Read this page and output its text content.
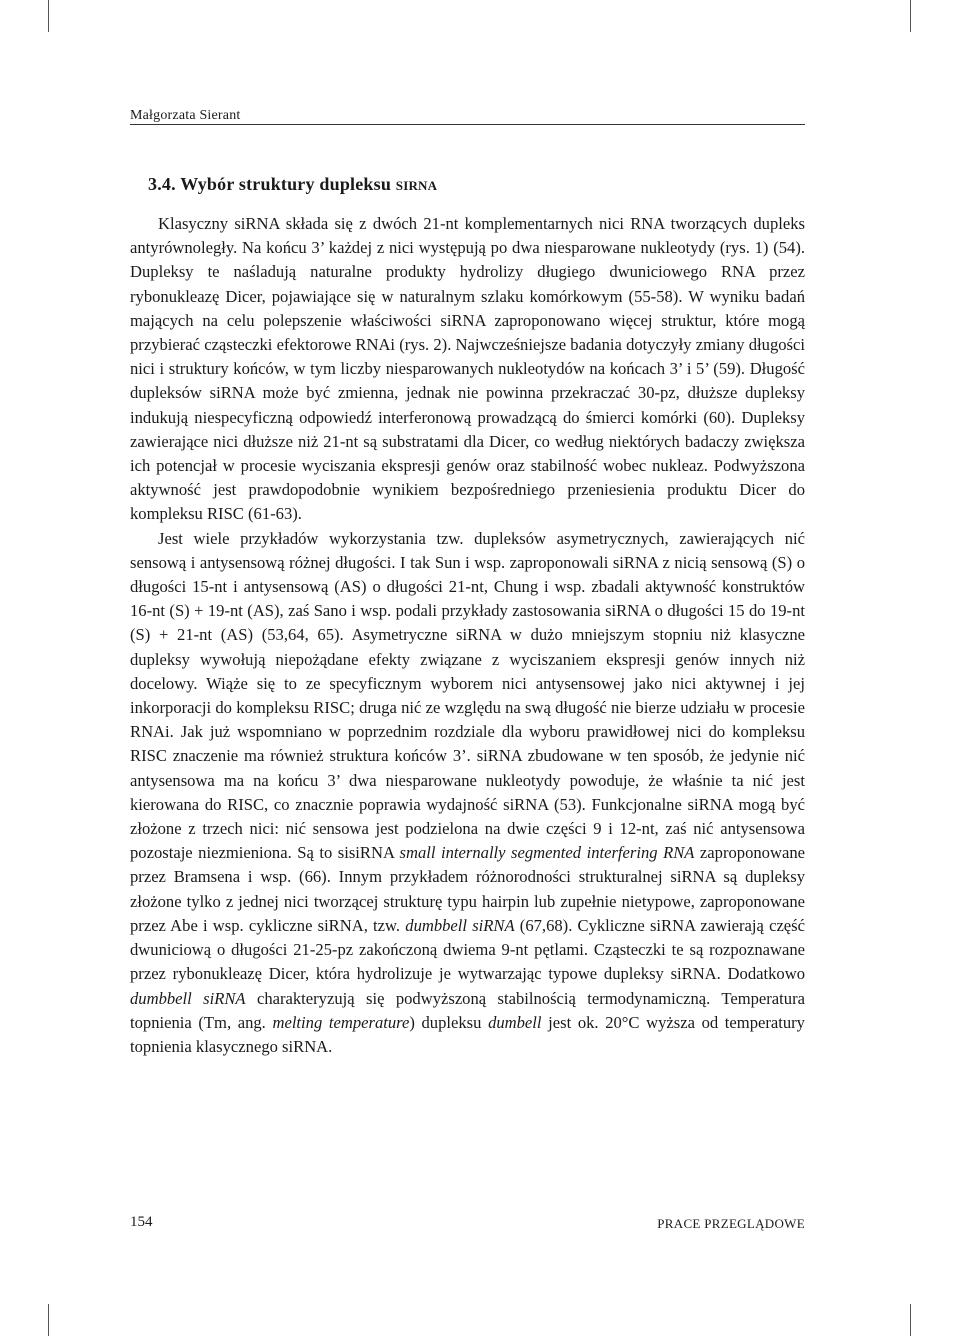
Małgorzata Sierant
3.4. Wybór struktury dupleksu sirna

Klasyczny siRNA składa się z dwóch 21-nt komplementarnych nici RNA tworzących dupleks antyrównoległy. Na końcu 3’ każdej z nici występują po dwa niesparowane nukleotydy (rys. 1) (54). Dupleksy te naśladują naturalne produkty hydrolizy długiego dwuniciowego RNA przez rybonukleazę Dicer, pojawiające się w naturalnym szlaku komórkowym (55-58). W wyniku badań mających na celu polepszenie właściwości siRNA zaproponowano więcej struktur, które mogą przybierać cząsteczki efektorowe RNAi (rys. 2). Najwcześniejsze badania dotyczyły zmiany długości nici i struktury końców, w tym liczby niesparowanych nukleotydów na końcach 3’ i 5’ (59). Długość dupleksów siRNA może być zmienna, jednak nie powinna przekraczać 30-pz, dłuższe dupleksy indukują niespecyficzną odpowiedź interferonową prowadzącą do śmierci komórki (60). Dupleksy zawierające nici dłuższe niż 21-nt są substratami dla Dicer, co według niektórych badaczy zwiększa ich potencjał w procesie wyciszania ekspresji genów oraz stabilność wobec nukleaz. Podwyższona aktywność jest prawdopodobnie wynikiem bezpośredniego przeniesienia produktu Dicer do kompleksu RISC (61-63).

Jest wiele przykładów wykorzystania tzw. dupleksów asymetrycznych, zawierających nić sensową i antysensową różnej długości. I tak Sun i wsp. zaproponowali siRNA z nicią sensową (S) o długości 15-nt i antysensową (AS) o długości 21-nt, Chung i wsp. zbadali aktywność konstruktów 16-nt (S) + 19-nt (AS), zaś Sano i wsp. podali przykłady zastosowania siRNA o długości 15 do 19-nt (S) + 21-nt (AS) (53,64, 65). Asymetryczne siRNA w dużo mniejszym stopniu niż klasyczne dupleksy wywołują niepożądane efekty związane z wyciszaniem ekspresji genów innych niż docelowy. Wiąże się to ze specyficznym wyborem nici antysensowej jako nici aktywnej i jej inkorporacji do kompleksu RISC; druga nić ze względu na swą długość nie bierze udziału w procesie RNAi. Jak już wspomniano w poprzednim rozdziale dla wyboru prawidłowej nici do kompleksu RISC znaczenie ma również struktura końców 3’. siRNA zbudowane w ten sposób, że jedynie nić antysensowa ma na końcu 3’ dwa niesparowane nukleotydy powoduje, że właśnie ta nić jest kierowana do RISC, co znacznie poprawia wydajność siRNA (53). Funkcjonalne siRNA mogą być złożone z trzech nici: nić sensowa jest podzielona na dwie części 9 i 12-nt, zaś nić antysensowa pozostaje niezmieniona. Są to sisiRNA small internally segmented interfering RNA zaproponowane przez Bramsena i wsp. (66). Innym przykładem różnorodności strukturalnej siRNA są dupleksy złożone tylko z jednej nici tworzącej strukturę typu hairpin lub zupełnie nietypowe, zaproponowane przez Abe i wsp. cykliczne siRNA, tzw. dumbbell siRNA (67,68). Cykliczne siRNA zawierają część dwuniciową o długości 21-25-pz zakończoną dwiema 9-nt pętlami. Cząsteczki te są rozpoznawane przez rybonukleazę Dicer, która hydrolizuje je wytwarzając typowe dupleksy siRNA. Dodatkowo dumbbell siRNA charakteryzują się podwyższoną stabilnością termodynamiczną. Temperatura topnienia (Tm, ang. melting temperature) dupleksu dumbell jest ok. 20°C wyższa od temperatury topnienia klasycznego siRNA.

154	PRACE PRZEGLĄDOWE
